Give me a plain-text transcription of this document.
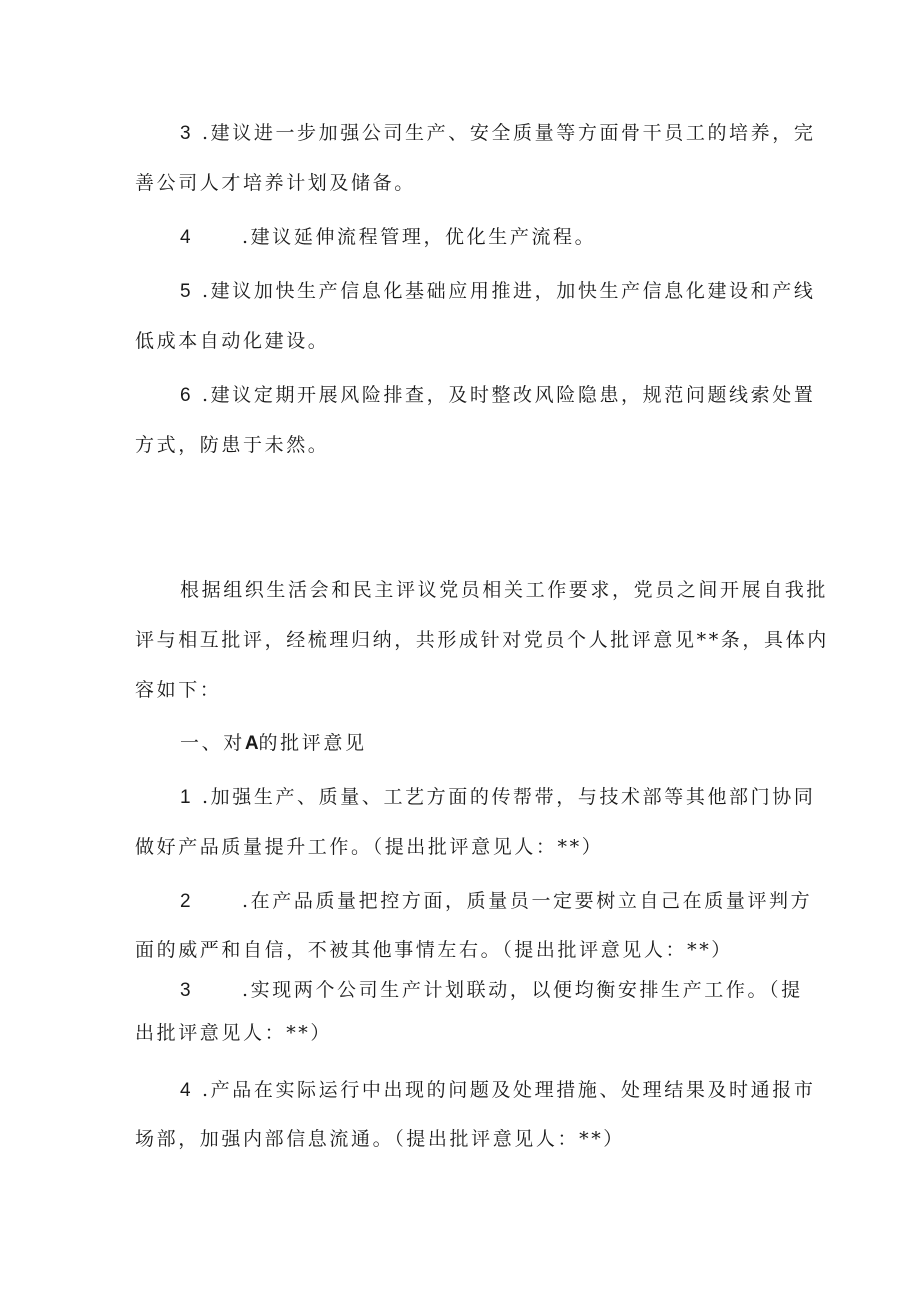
3 .建议进一步加强公司生产、安全质量等方面骨干员工的培养，完
善公司人才培养计划及储备。
4	.建议延伸流程管理，优化生产流程。
5 .建议加快生产信息化基础应用推进，加快生产信息化建设和产线
低成本自动化建设。
6 .建议定期开展风险排查，及时整改风险隐患，规范问题线索处置
方式，防患于未然。
根据组织生活会和民主评议党员相关工作要求，党员之间开展自我批
评与相互批评，经梳理归纳，共形成针对党员个人批评意见**条，具体内
容如下：
一、对A的批评意见
1 .加强生产、质量、工艺方面的传帮带，与技术部等其他部门协同
做好产品质量提升工作。（提出批评意见人：**）
2	.在产品质量把控方面，质量员一定要树立自己在质量评判方
面的威严和自信，不被其他事情左右。（提出批评意见人：**）
3	.实现两个公司生产计划联动，以便均衡安排生产工作。（提
出批评意见人：**）
4 .产品在实际运行中出现的问题及处理措施、处理结果及时通报市
场部，加强内部信息流通。（提出批评意见人：**）
